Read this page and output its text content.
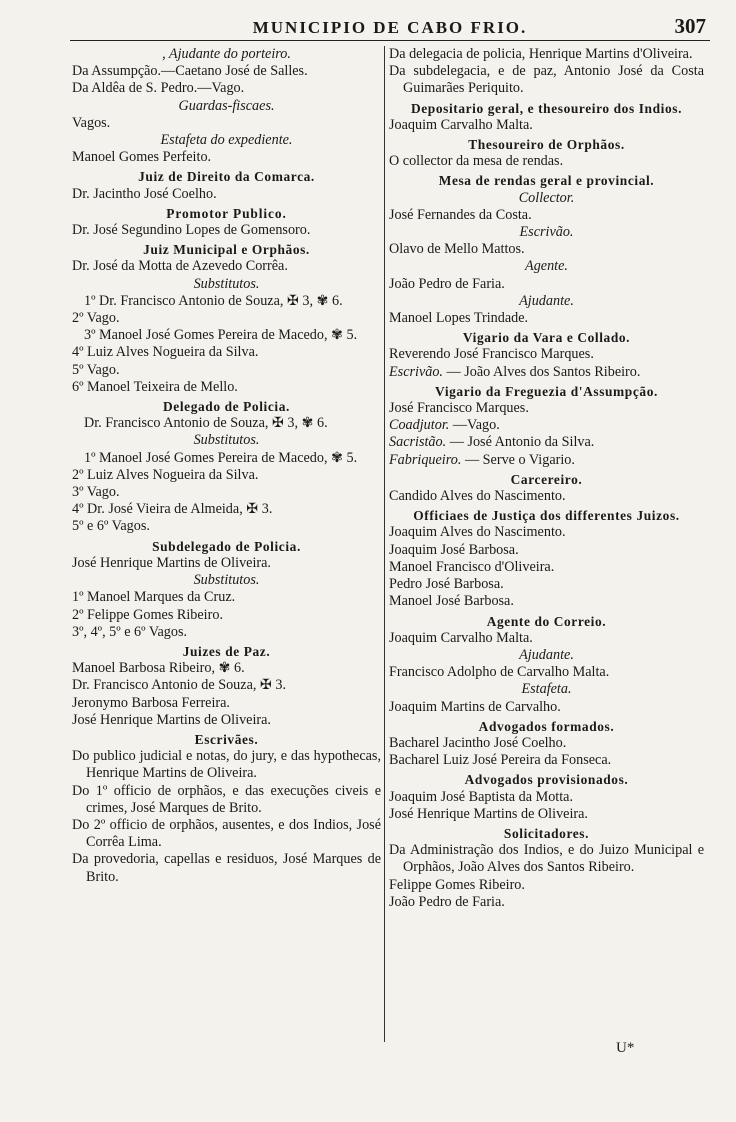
MUNICIPIO DE CABO FRIO.	307
, Ajudante do porteiro.
Da Assumpção.—Caetano José de Salles.
Da Aldêa de S. Pedro.—Vago.
Guardas-fiscaes.
Vagos.
Estafeta do expediente.
Manoel Gomes Perfeito.
Juiz de Direito da Comarca.
Dr. Jacintho José Coelho.
Promotor Publico.
Dr. José Segundino Lopes de Gomensoro.
Juiz Municipal e Orphãos.
Dr. José da Motta de Azevedo Corrêa.
Substitutos.
1º Dr. Francisco Antonio de Souza, ✠ 3, ✾ 6.
2º Vago.
3º Manoel José Gomes Pereira de Macedo, ✾ 5.
4º Luiz Alves Nogueira da Silva.
5º Vago.
6º Manoel Teixeira de Mello.
Delegado de Policia.
Dr. Francisco Antonio de Souza, ✠ 3, ✾ 6.
Substitutos.
1º Manoel José Gomes Pereira de Macedo, ✾ 5.
2º Luiz Alves Nogueira da Silva.
3º Vago.
4º Dr. José Vieira de Almeida, ✠ 3.
5º e 6º Vagos.
Subdelegado de Policia.
José Henrique Martins de Oliveira.
Substitutos.
1º Manoel Marques da Cruz.
2º Felippe Gomes Ribeiro.
3º, 4º, 5º e 6º Vagos.
Juizes de Paz.
Manoel Barbosa Ribeiro, ✾ 6.
Dr. Francisco Antonio de Souza, ✠ 3.
Jeronymo Barbosa Ferreira.
José Henrique Martins de Oliveira.
Escrivães.
Do publico judicial e notas, do jury, e das hypothecas, Henrique Martins de Oliveira.
Do 1º officio de orphãos, e das execuções civeis e crimes, José Marques de Brito.
Do 2º officio de orphãos, ausentes, e dos Indios, José Corrêa Lima.
Da provedoria, capellas e residuos, José Marques de Brito.
Da delegacia de policia, Henrique Martins d'Oliveira.
Da subdelegacia, e de paz, Antonio José da Costa Guimarães Periquito.
Depositario geral, e thesoureiro dos Indios.
Joaquim Carvalho Malta.
Thesoureiro de Orphãos.
O collector da mesa de rendas.
Mesa de rendas geral e provincial.
Collector.
José Fernandes da Costa.
Escrivão.
Olavo de Mello Mattos.
Agente.
João Pedro de Faria.
Ajudante.
Manoel Lopes Trindade.
Vigario da Vara e Collado.
Reverendo José Francisco Marques.
Escrivão. — João Alves dos Santos Ribeiro.
Vigario da Freguezia d'Assumpção.
José Francisco Marques.
Coadjutor. —Vago.
Sacristão. — José Antonio da Silva.
Fabriqueiro. — Serve o Vigario.
Carcereiro.
Candido Alves do Nascimento.
Officiaes de Justiça dos differentes Juizos.
Joaquim Alves do Nascimento.
Joaquim José Barbosa.
Manoel Francisco d'Oliveira.
Pedro José Barbosa.
Manoel José Barbosa.
Agente do Correio.
Joaquim Carvalho Malta.
Ajudante.
Francisco Adolpho de Carvalho Malta.
Estafeta.
Joaquim Martins de Carvalho.
Advogados formados.
Bacharel Jacintho José Coelho.
Bacharel Luiz José Pereira da Fonseca.
Advogados provisionados.
Joaquim José Baptista da Motta.
José Henrique Martins de Oliveira.
Solicitadores.
Da Administração dos Indios, e do Juizo Municipal e Orphãos, João Alves dos Santos Ribeiro.
Felippe Gomes Ribeiro.
João Pedro de Faria.
U*
